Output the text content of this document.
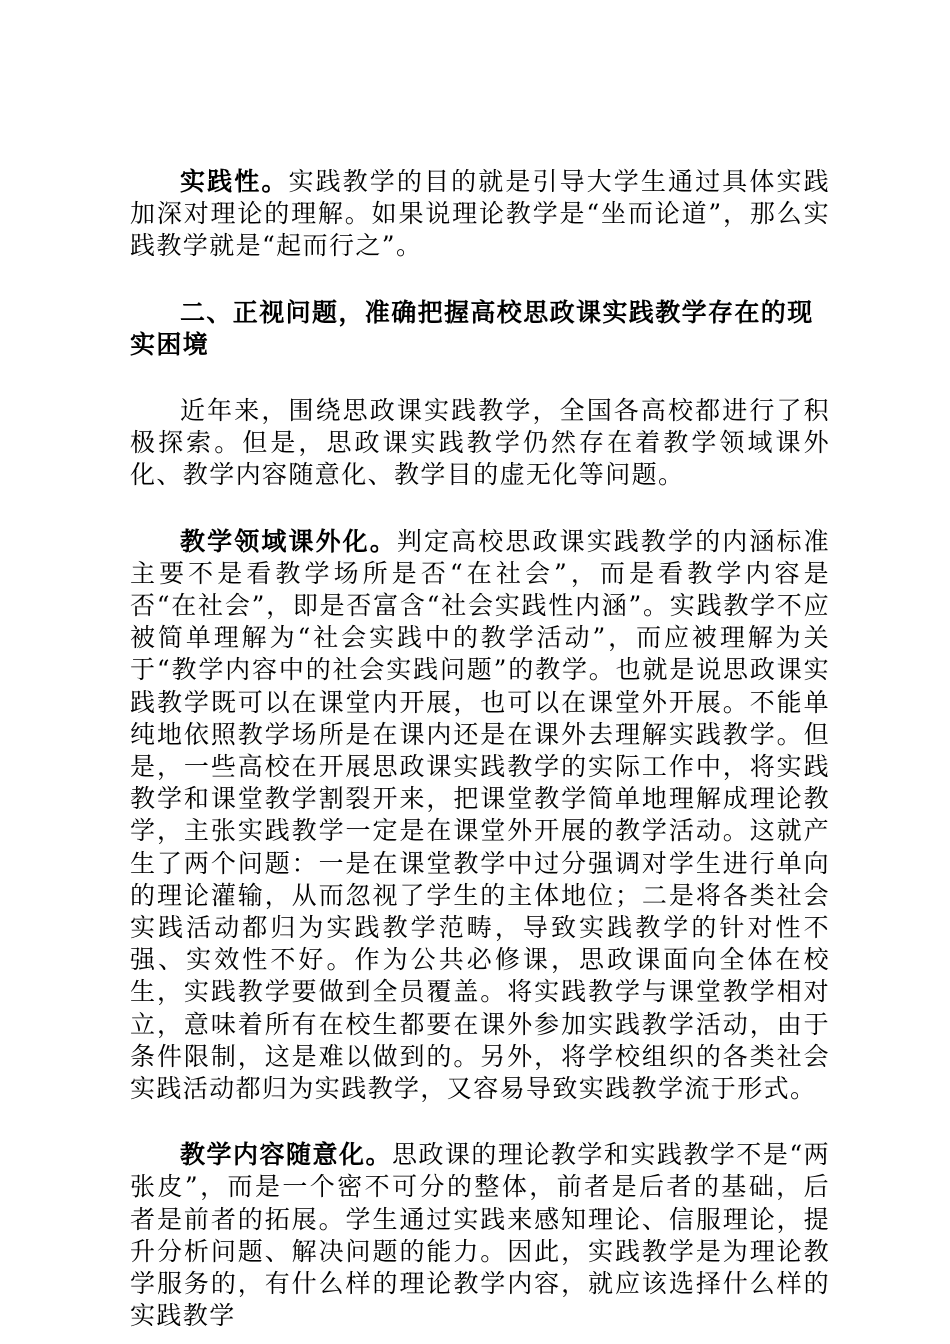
实践性。实践教学的目的就是引导大学生通过具体实践加深对理论的理解。如果说理论教学是“坐而论道”，那么实践教学就是“起而行之”。

二、正视问题，准确把握高校思政课实践教学存在的现实困境

近年来，围绕思政课实践教学，全国各高校都进行了积极探索。但是，思政课实践教学仍然存在着教学领域课外化、教学内容随意化、教学目的虚无化等问题。

教学领域课外化。判定高校思政课实践教学的内涵标准主要不是看教学场所是否“在社会”，而是看教学内容是否“在社会”，即是否富含“社会实践性内涵”。实践教学不应被简单理解为“社会实践中的教学活动”，而应被理解为关于“教学内容中的社会实践问题”的教学。也就是说思政课实践教学既可以在课堂内开展，也可以在课堂外开展。不能单纯地依照教学场所是在课内还是在课外去理解实践教学。但是，一些高校在开展思政课实践教学的实际工作中，将实践教学和课堂教学割裂开来，把课堂教学简单地理解成理论教学，主张实践教学一定是在课堂外开展的教学活动。这就产生了两个问题：一是在课堂教学中过分强调对学生进行单向的理论灌输，从而忽视了学生的主体地位；二是将各类社会实践活动都归为实践教学范畴，导致实践教学的针对性不强、实效性不好。作为公共必修课，思政课面向全体在校生，实践教学要做到全员覆盖。将实践教学与课堂教学相对立，意味着所有在校生都要在课外参加实践教学活动，由于条件限制，这是难以做到的。另外，将学校组织的各类社会实践活动都归为实践教学，又容易导致实践教学流于形式。

教学内容随意化。思政课的理论教学和实践教学不是“两张皮”，而是一个密不可分的整体，前者是后者的基础，后者是前者的拓展。学生通过实践来感知理论、信服理论，提升分析问题、解决问题的能力。因此，实践教学是为理论教学服务的，有什么样的理论教学内容，就应该选择什么样的实践教学
